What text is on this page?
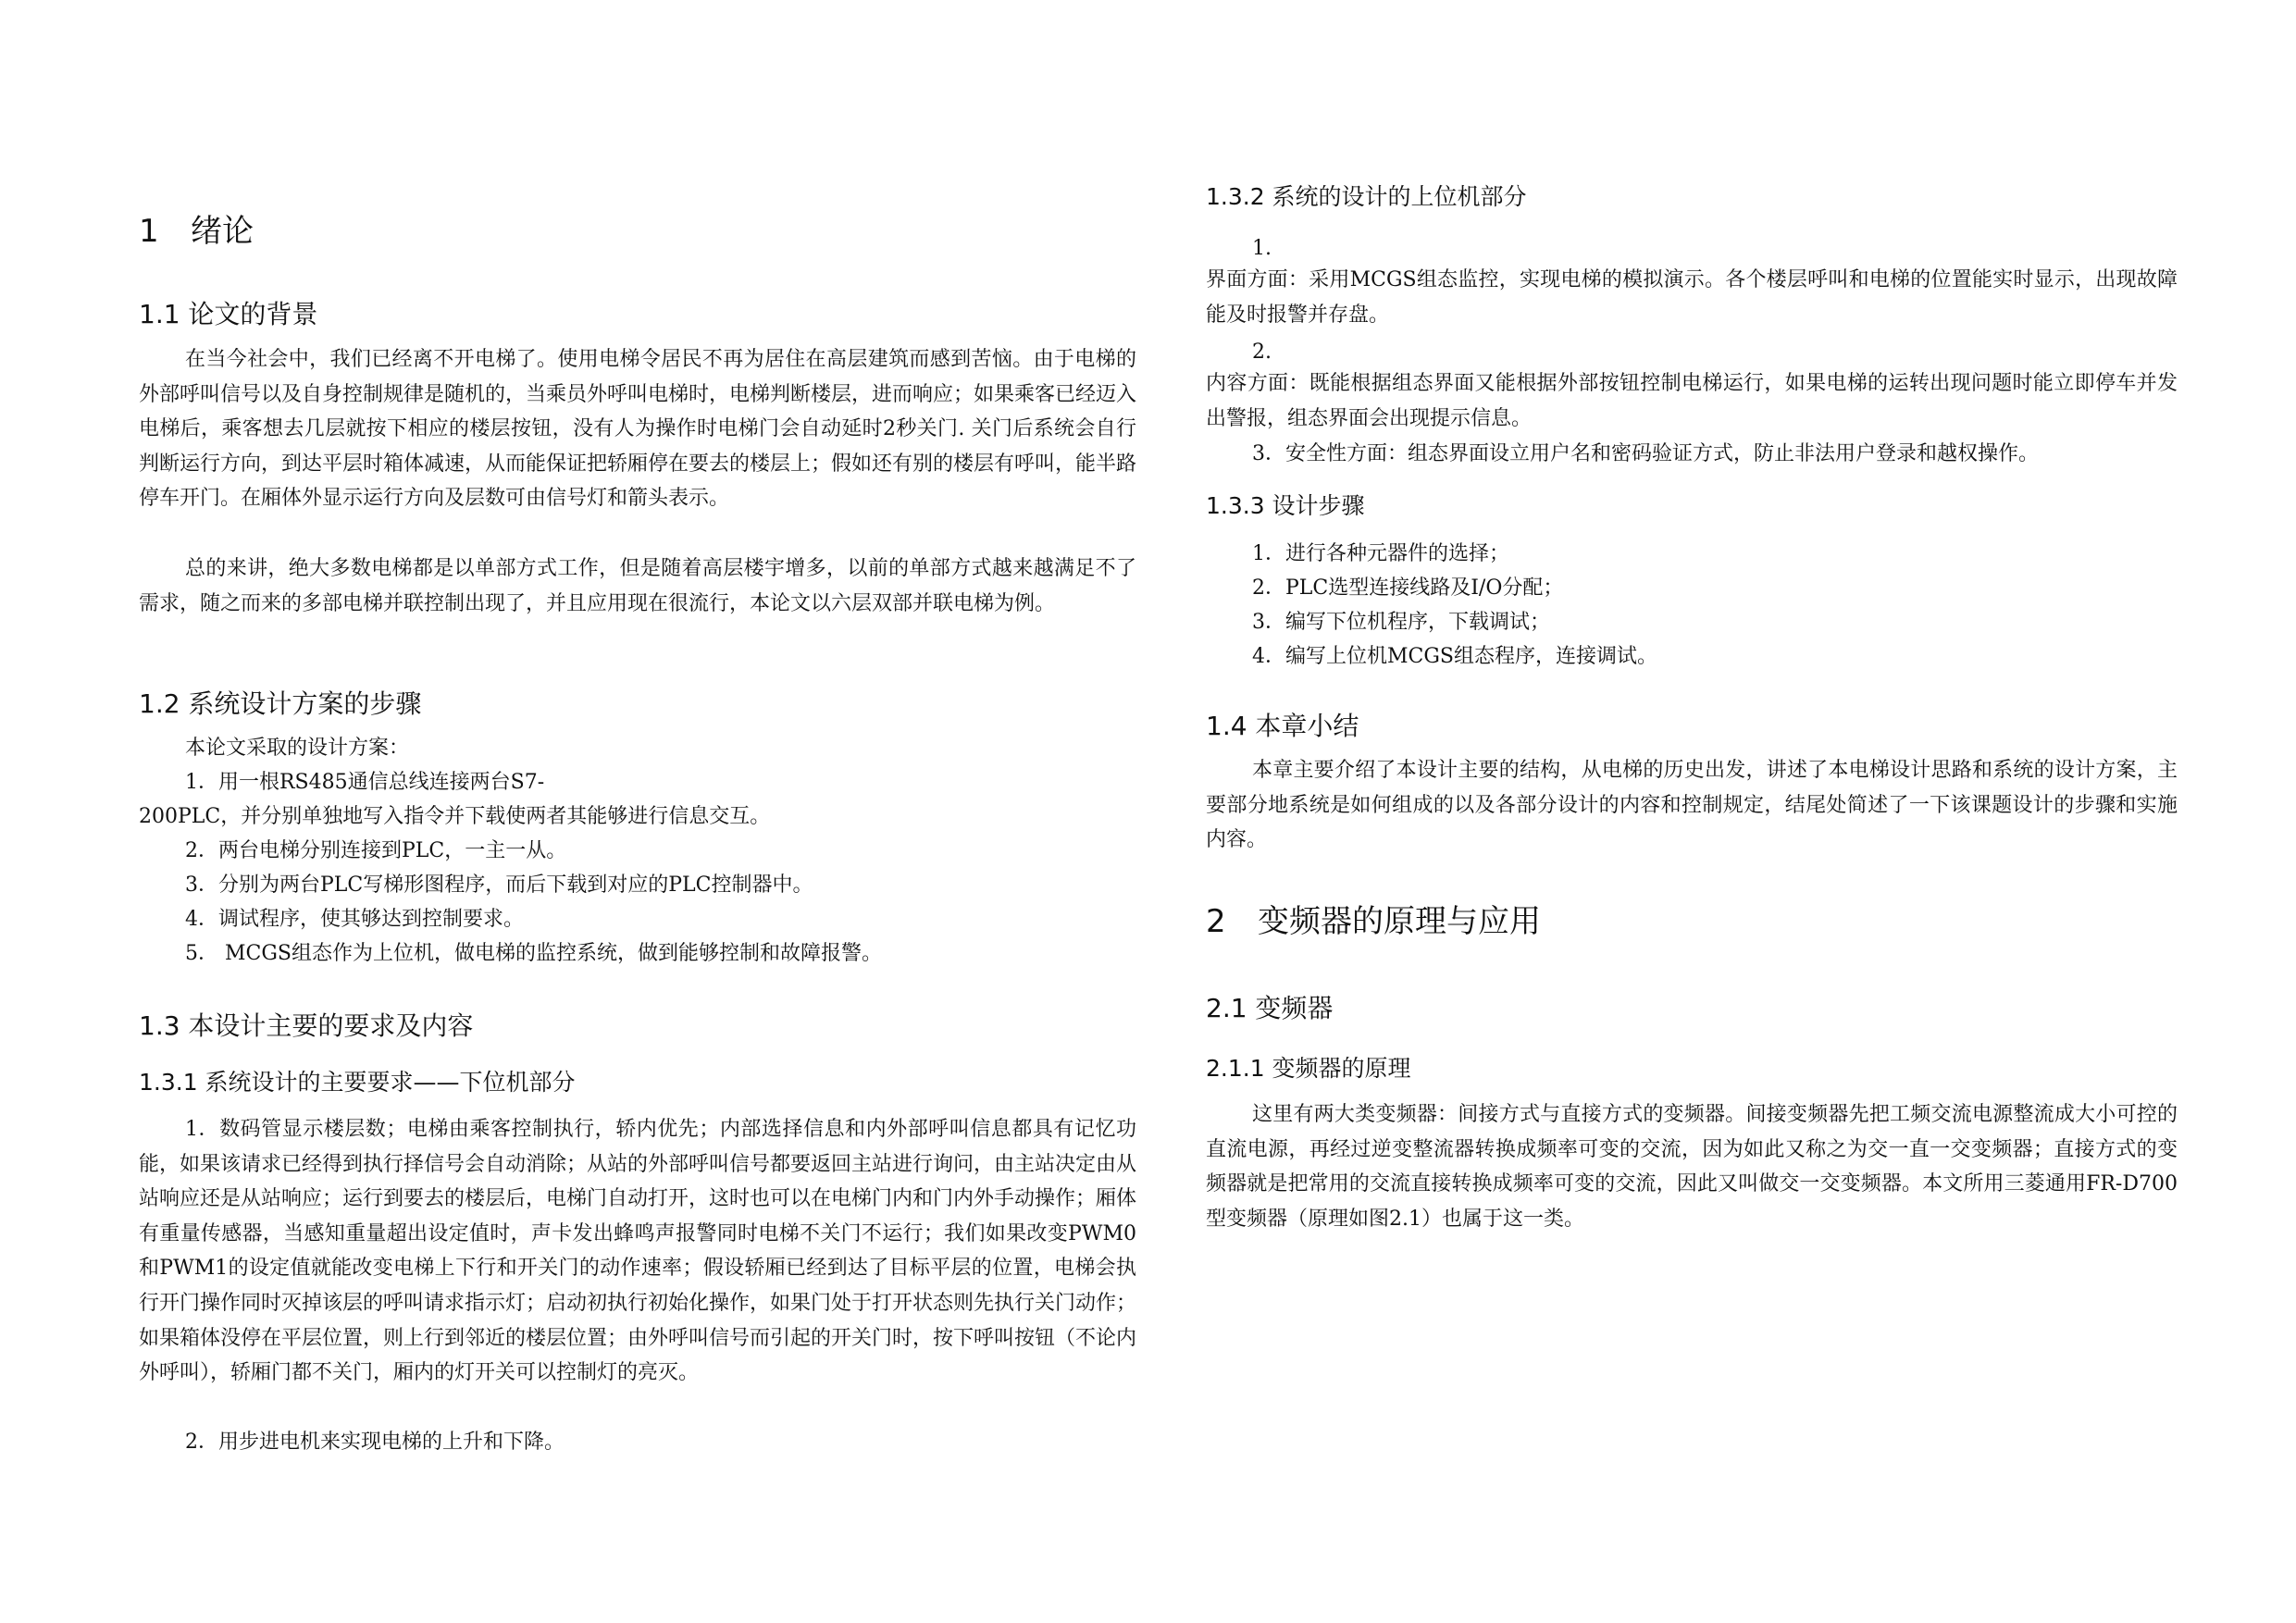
1 绪论
1.1 论文的背景

在当今社会中，我们已经离不开电梯了。使用电梯令居民不再为居住在高层建筑而感到苦恼。由于电梯的外部呼叫信号以及自身控制规律是随机的，当乘员外呼叫电梯时，电梯判断楼层，进而响应；如果乘客已经迈入电梯后，乘客想去几层就按下相应的楼层按钮，没有人为操作时电梯门会自动延时2秒关门. 关门后系统会自行判断运行方向，到达平层时箱体减速，从而能保证把轿厢停在要去的楼层上；假如还有别的楼层有呼叫，能半路停车开门。在厢体外显示运行方向及层数可由信号灯和箭头表示。

总的来讲，绝大多数电梯都是以单部方式工作，但是随着高层楼宇增多，以前的单部方式越来越满足不了需求，随之而来的多部电梯并联控制出现了，并且应用现在很流行，本论文以六层双部并联电梯为例。

1.2 系统设计方案的步骤

本论文采取的设计方案：

1．用一根RS485通信总线连接两台S7-

200PLC，并分别单独地写入指令并下载使两者其能够进行信息交互。

2．两台电梯分别连接到PLC，一主一从。

3．分别为两台PLC写梯形图程序，而后下载到对应的PLC控制器中。

4．调试程序，使其够达到控制要求。

5． MCGS组态作为上位机，做电梯的监控系统，做到能够控制和故障报警。

1.3 本设计主要的要求及内容
1.3.1 系统设计的主要要求——下位机部分

1．数码管显示楼层数；电梯由乘客控制执行，轿内优先；内部选择信息和内外部呼叫信息都具有记忆功能，如果该请求已经得到执行择信号会自动消除；从站的外部呼叫信号都要返回主站进行询问，由主站决定由从站响应还是从站响应；运行到要去的楼层后，电梯门自动打开，这时也可以在电梯门内和门内外手动操作；厢体有重量传感器，当感知重量超出设定值时，声卡发出蜂鸣声报警同时电梯不关门不运行；我们如果改变PWM0和PWM1的设定值就能改变电梯上下行和开关门的动作速率；假设轿厢已经到达了目标平层的位置，电梯会执行开门操作同时灭掉该层的呼叫请求指示灯；启动初执行初始化操作，如果门处于打开状态则先执行关门动作；如果箱体没停在平层位置，则上行到邻近的楼层位置；由外呼叫信号而引起的开关门时，按下呼叫按钮（不论内外呼叫），轿厢门都不关门，厢内的灯开关可以控制灯的亮灭。

2．用步进电机来实现电梯的上升和下降。

1.3.2 系统的设计的上位机部分

1.

界面方面：采用MCGS组态监控，实现电梯的模拟演示。各个楼层呼叫和电梯的位置能实时显示，出现故障能及时报警并存盘。

2.

内容方面：既能根据组态界面又能根据外部按钮控制电梯运行，如果电梯的运转出现问题时能立即停车并发出警报，组态界面会出现提示信息。

3．安全性方面：组态界面设立用户名和密码验证方式，防止非法用户登录和越权操作。

1.3.3 设计步骤

1．进行各种元器件的选择；

2．PLC选型连接线路及I/O分配；

3．编写下位机程序，下载调试；

4．编写上位机MCGS组态程序，连接调试。

1.4 本章小结

本章主要介绍了本设计主要的结构，从电梯的历史出发，讲述了本电梯设计思路和系统的设计方案，主要部分地系统是如何组成的以及各部分设计的内容和控制规定，结尾处简述了一下该课题设计的步骤和实施内容。

2 变频器的原理与应用
2.1 变频器
2.1.1 变频器的原理

这里有两大类变频器：间接方式与直接方式的变频器。间接变频器先把工频交流电源整流成大小可控的直流电源，再经过逆变整流器转换成频率可变的交流，因为如此又称之为交一直一交变频器；直接方式的变频器就是把常用的交流直接转换成频率可变的交流，因此又叫做交一交变频器。本文所用三菱通用FR-D700型变频器（原理如图2.1）也属于这一类。
